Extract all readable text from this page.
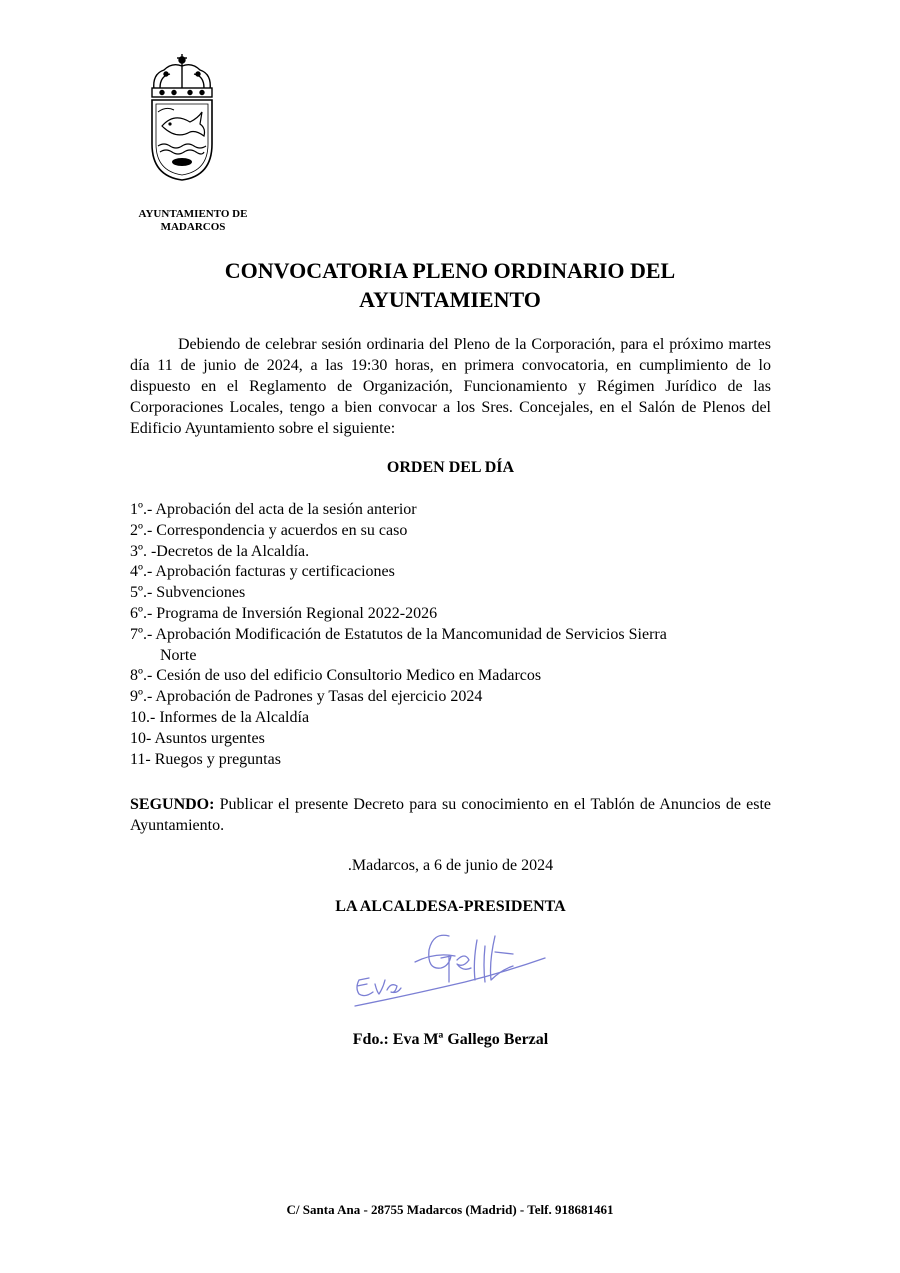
AYUNTAMIENTO DE
MADARCOS
CONVOCATORIA PLENO ORDINARIO DEL
AYUNTAMIENTO

Debiendo de celebrar sesión ordinaria del Pleno de la Corporación, para el próximo martes día 11 de junio de 2024, a las 19:30 horas, en primera convocatoria, en cumplimiento de lo dispuesto en el Reglamento de Organización, Funcionamiento y Régimen Jurídico de las Corporaciones Locales, tengo a bien convocar a los Sres. Concejales, en el Salón de Plenos del Edificio Ayuntamiento sobre el siguiente:

ORDEN DEL DÍA
1º.- Aprobación del acta de la sesión anterior
2º.- Correspondencia y acuerdos en su caso
3º. -Decretos de la Alcaldía.
4º.- Aprobación facturas y certificaciones
5º.- Subvenciones
6º.- Programa de Inversión Regional 2022-2026
7º.- Aprobación Modificación de Estatutos de la Mancomunidad de Servicios Sierra
Norte
8º.- Cesión de uso del edificio Consultorio Medico en Madarcos
9º.- Aprobación de Padrones y Tasas del ejercicio 2024
10.- Informes de la Alcaldía
10- Asuntos urgentes
11- Ruegos y preguntas

SEGUNDO: Publicar el presente Decreto para su conocimiento en el Tablón de Anuncios de este Ayuntamiento.

.Madarcos, a 6 de junio de 2024
LA ALCALDESA-PRESIDENTA
Fdo.: Eva Mª Gallego Berzal
C/ Santa Ana - 28755 Madarcos (Madrid) - Telf. 918681461
